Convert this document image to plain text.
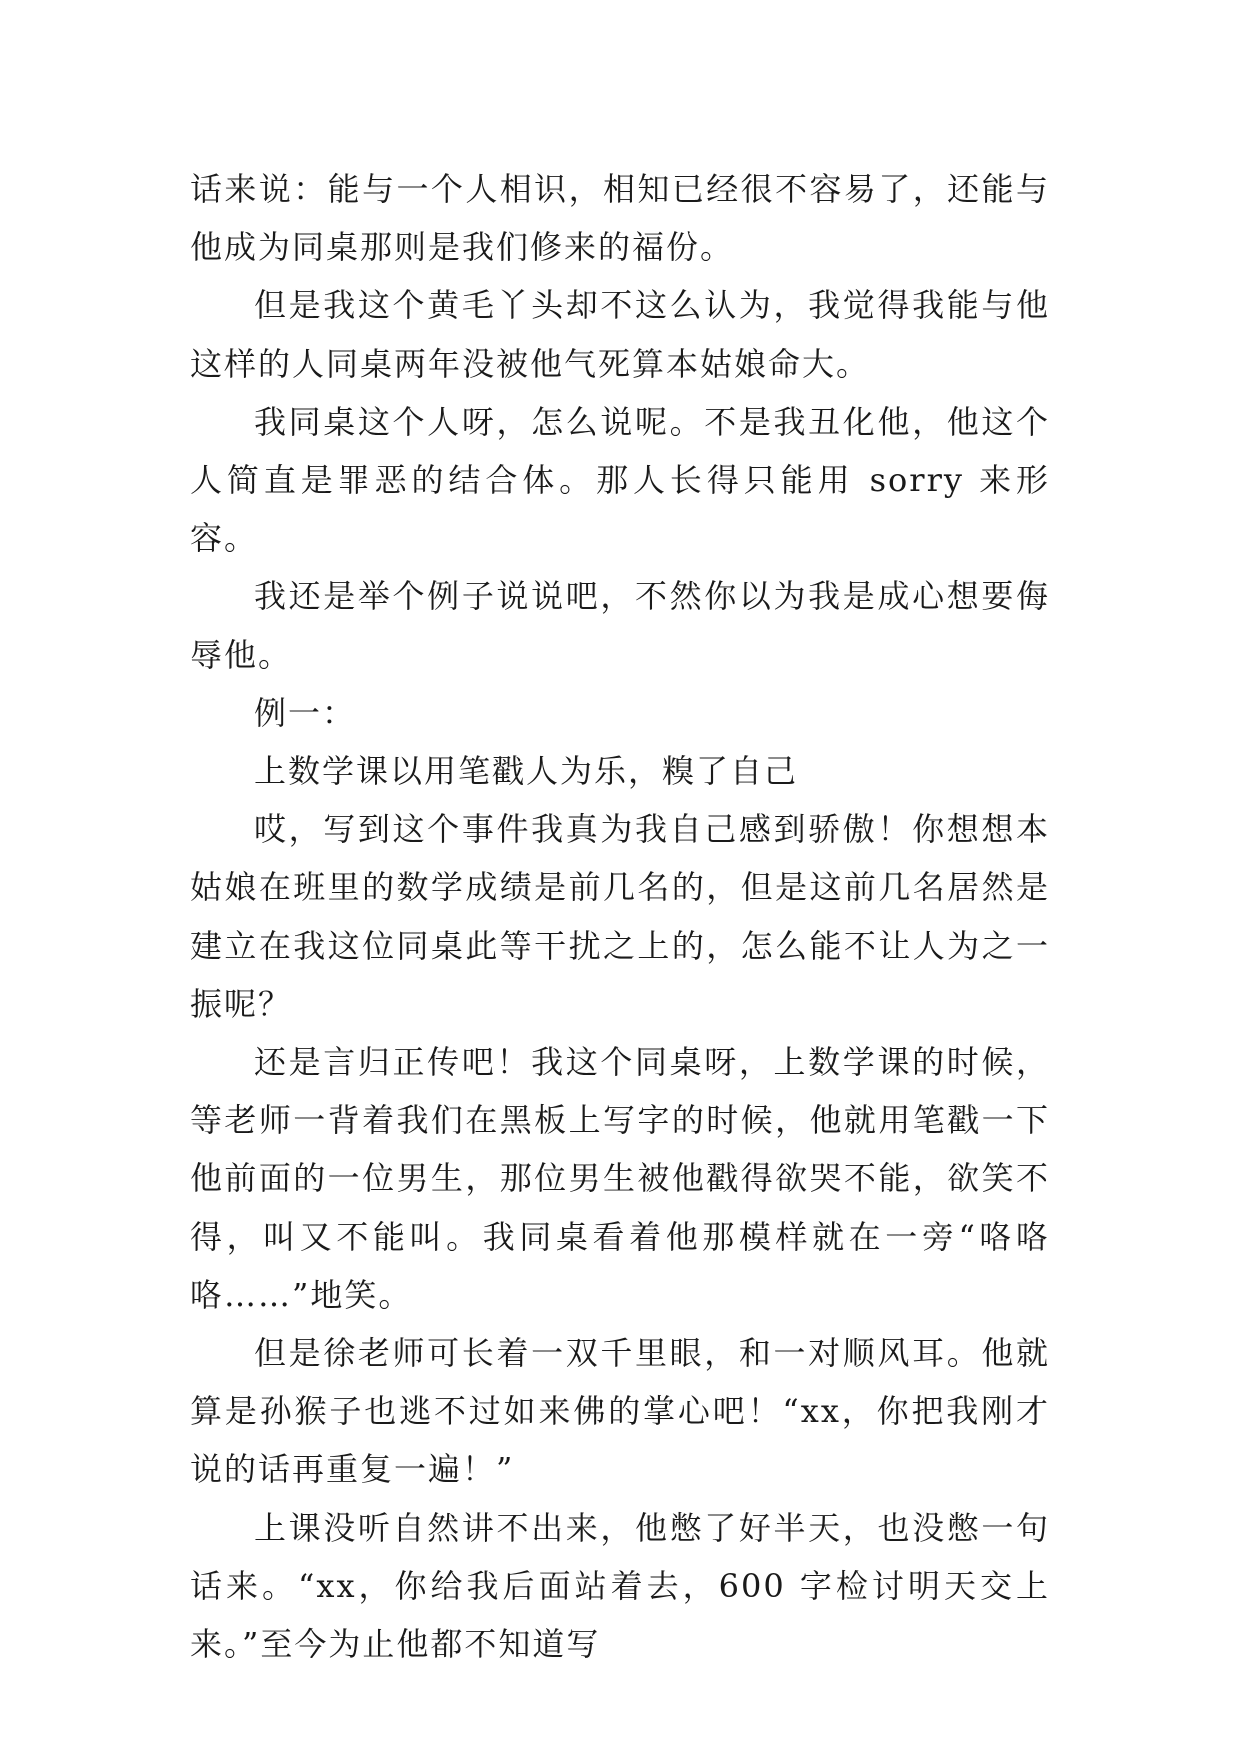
话来说：能与一个人相识，相知已经很不容易了，还能与他成为同桌那则是我们修来的福份。

但是我这个黄毛丫头却不这么认为，我觉得我能与他这样的人同桌两年没被他气死算本姑娘命大。

我同桌这个人呀，怎么说呢。不是我丑化他，他这个人简直是罪恶的结合体。那人长得只能用 sorry 来形容。

我还是举个例子说说吧，不然你以为我是成心想要侮辱他。

例一：

上数学课以用笔戳人为乐，糗了自己

哎，写到这个事件我真为我自己感到骄傲！你想想本姑娘在班里的数学成绩是前几名的，但是这前几名居然是建立在我这位同桌此等干扰之上的，怎么能不让人为之一振呢？

还是言归正传吧！我这个同桌呀，上数学课的时候，等老师一背着我们在黑板上写字的时候，他就用笔戳一下他前面的一位男生，那位男生被他戳得欲哭不能，欲笑不得，叫又不能叫。我同桌看着他那模样就在一旁“咯咯咯……”地笑。

但是徐老师可长着一双千里眼，和一对顺风耳。他就算是孙猴子也逃不过如来佛的掌心吧！“xx，你把我刚才说的话再重复一遍！”

上课没听自然讲不出来，他憋了好半天，也没憋一句话来。“xx，你给我后面站着去，600 字检讨明天交上来。”至今为止他都不知道写
